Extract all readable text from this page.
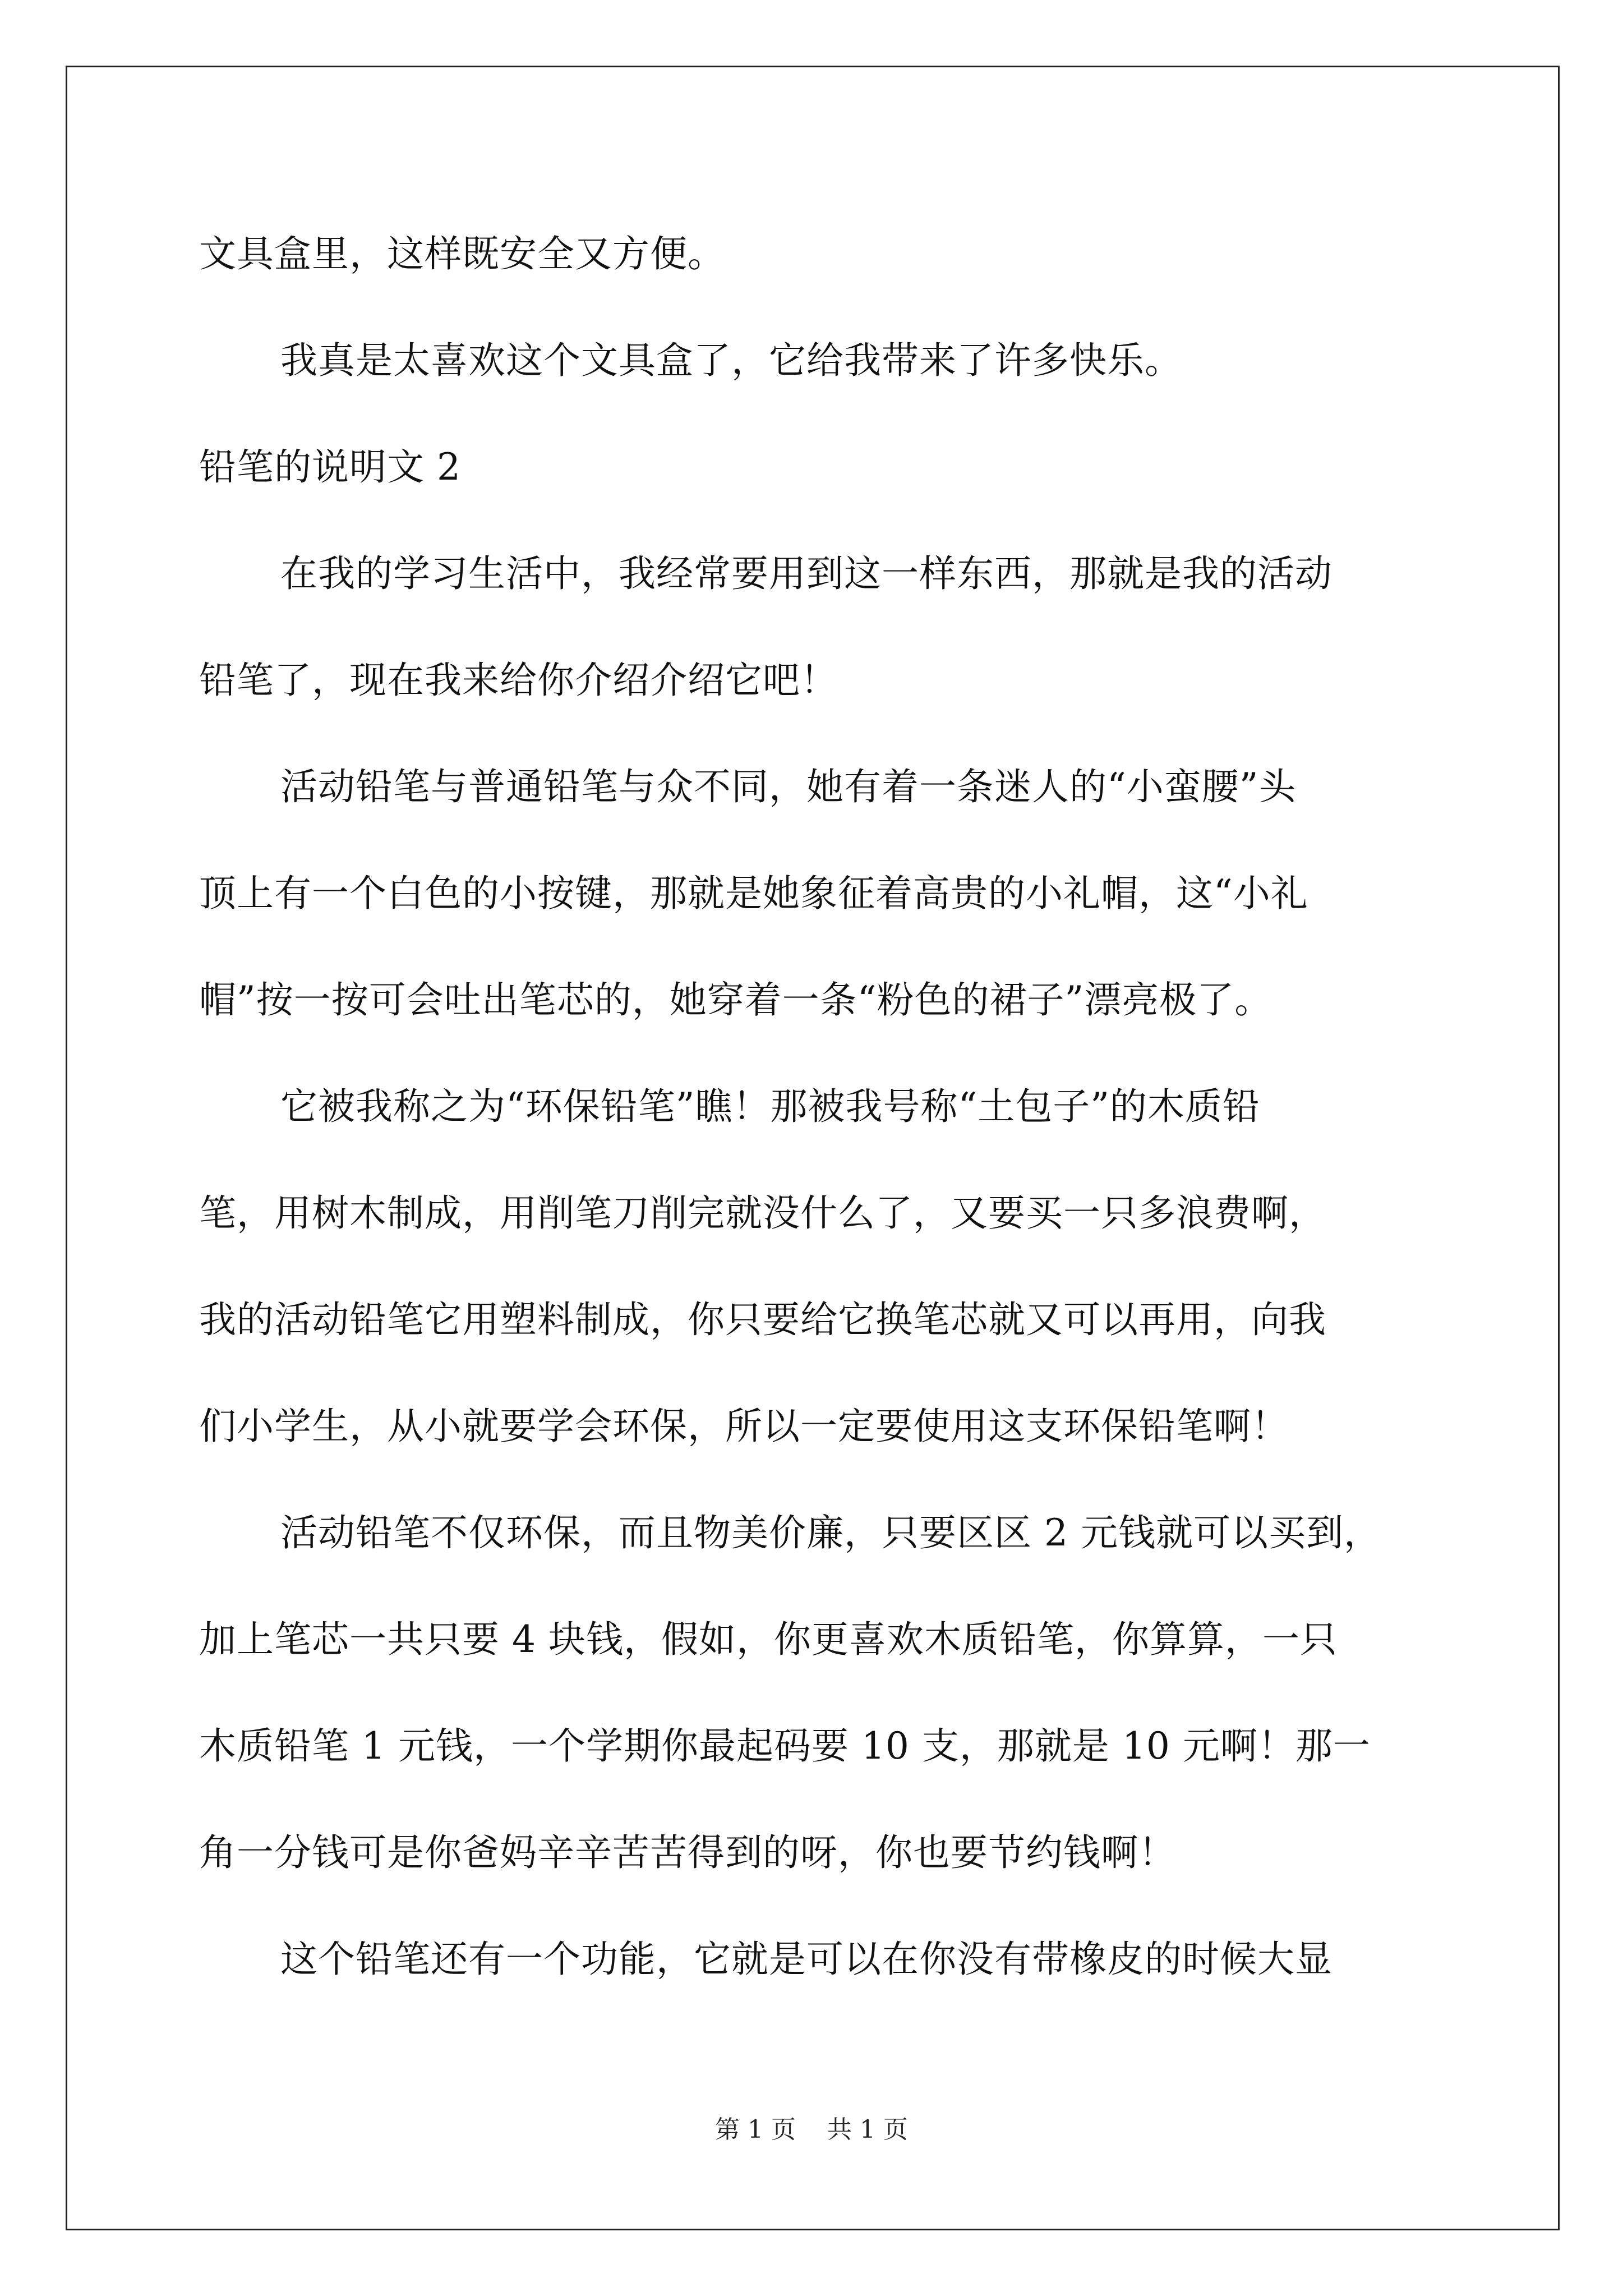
文具盒里，这样既安全又方便。
我真是太喜欢这个文具盒了，它给我带来了许多快乐。
铅笔的说明文 2
在我的学习生活中，我经常要用到这一样东西，那就是我的活动
铅笔了，现在我来给你介绍介绍它吧！
活动铅笔与普通铅笔与众不同，她有着一条迷人的“小蛮腰”头
顶上有一个白色的小按键，那就是她象征着高贵的小礼帽，这“小礼
帽”按一按可会吐出笔芯的，她穿着一条“粉色的裙子”漂亮极了。
它被我称之为“环保铅笔”瞧！那被我号称“土包子”的木质铅
笔，用树木制成，用削笔刀削完就没什么了，又要买一只多浪费啊，
我的活动铅笔它用塑料制成，你只要给它换笔芯就又可以再用，向我
们小学生，从小就要学会环保，所以一定要使用这支环保铅笔啊！
活动铅笔不仅环保，而且物美价廉，只要区区 2 元钱就可以买到，
加上笔芯一共只要 4 块钱，假如，你更喜欢木质铅笔，你算算，一只
木质铅笔 1 元钱，一个学期你最起码要 10 支，那就是 10 元啊！那一
角一分钱可是你爸妈辛辛苦苦得到的呀，你也要节约钱啊！
这个铅笔还有一个功能，它就是可以在你没有带橡皮的时候大显
第 1 页    共 1 页
